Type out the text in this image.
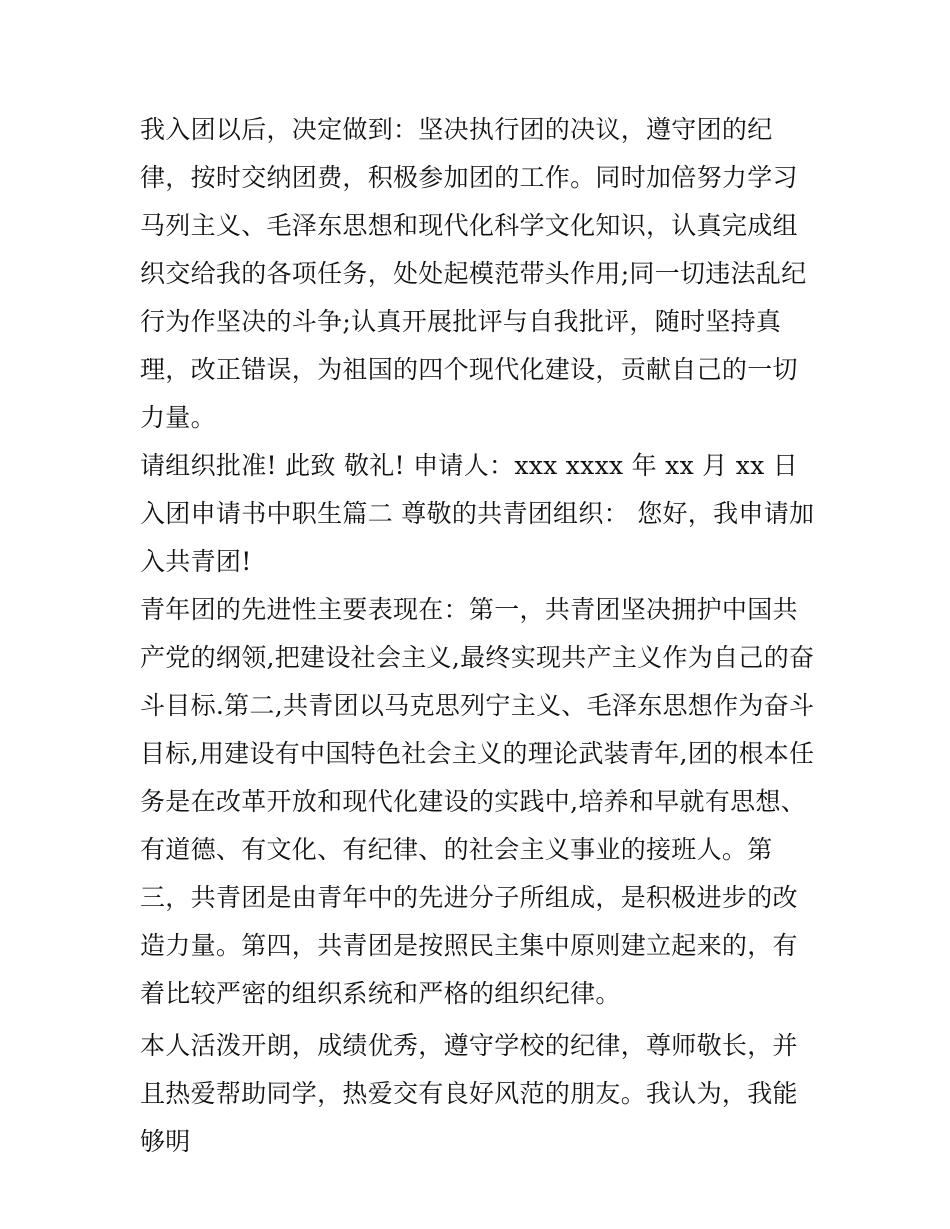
我入团以后，决定做到：坚决执行团的决议，遵守团的纪律，按时交纳团费，积极参加团的工作。同时加倍努力学习马列主义、毛泽东思想和现代化科学文化知识，认真完成组织交给我的各项任务，处处起模范带头作用;同一切违法乱纪行为作坚决的斗争;认真开展批评与自我批评，随时坚持真理，改正错误，为祖国的四个现代化建设，贡献自己的一切力量。

请组织批准! 此致 敬礼! 申请人：xxx xxxx 年 xx 月 xx 日 入团申请书中职生篇二 尊敬的共青团组织： 您好，我申请加入共青团!

青年团的先进性主要表现在：第一，共青团坚决拥护中国共产党的纲领,把建设社会主义,最终实现共产主义作为自己的奋斗目标.第二,共青团以马克思列宁主义、毛泽东思想作为奋斗目标,用建设有中国特色社会主义的理论武装青年,团的根本任务是在改革开放和现代化建设的实践中,培养和早就有思想、有道德、有文化、有纪律、的社会主义事业的接班人。第三，共青团是由青年中的先进分子所组成，是积极进步的改造力量。第四，共青团是按照民主集中原则建立起来的，有着比较严密的组织系统和严格的组织纪律。

本人活泼开朗，成绩优秀，遵守学校的纪律，尊师敬长，并且热爱帮助同学，热爱交有良好风范的朋友。我认为，我能够明
